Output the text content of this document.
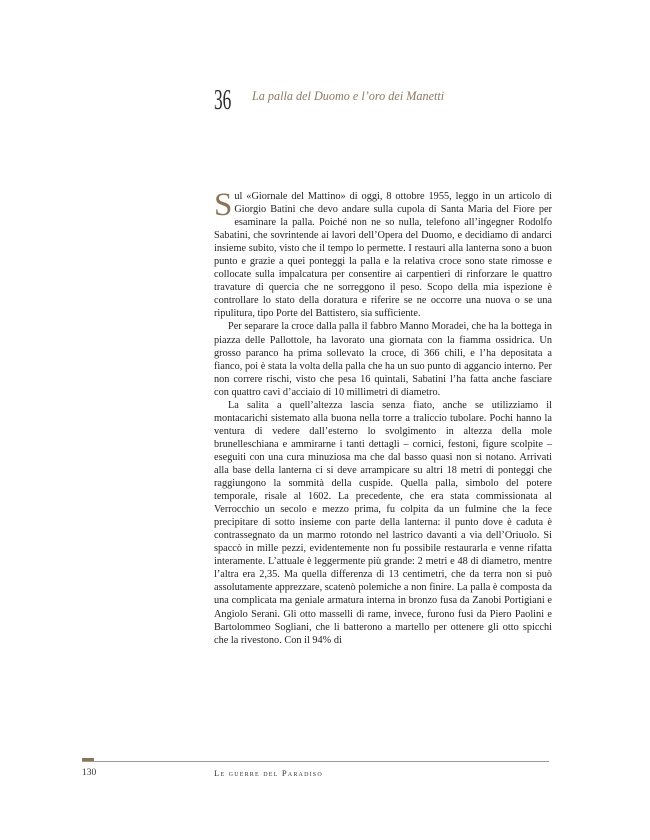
36 La palla del Duomo e l’oro dei Manetti

Sul «Giornale del Mattino» di oggi, 8 ottobre 1955, leggo in un articolo di Giorgio Batini che devo andare sulla cupola di Santa Maria del Fiore per esaminare la palla. Poiché non ne so nulla, telefono all’ingegner Rodolfo Sabatini, che sovrintende ai lavori dell’Opera del Duomo, e decidiamo di andarci insieme subito, visto che il tempo lo permette. I restauri alla lanterna sono a buon punto e grazie a quei ponteggi la palla e la relativa croce sono state rimosse e collocate sulla impalcatura per consentire ai carpentieri di rinforzare le quattro travature di quercia che ne sorreggono il peso. Scopo della mia ispezione è controllare lo stato della doratura e riferire se ne occorre una nuova o se una ripulitura, tipo Porte del Battistero, sia sufficiente.

Per separare la croce dalla palla il fabbro Manno Moradei, che ha la bottega in piazza delle Pallottole, ha lavorato una giornata con la fiamma ossidrica. Un grosso paranco ha prima sollevato la croce, di 366 chili, e l’ha depositata a fianco, poi è stata la volta della palla che ha un suo punto di aggancio interno. Per non correre rischi, visto che pesa 16 quintali, Sabatini l’ha fatta anche fasciare con quattro cavi d’acciaio di 10 millimetri di diametro.

La salita a quell’altezza lascia senza fiato, anche se utilizziamo il montacarichi sistemato alla buona nella torre a traliccio tubolare. Pochi hanno la ventura di vedere dall’esterno lo svolgimento in altezza della mole brunelleschiana e ammirarne i tanti dettagli – cornici, festoni, figure scolpite – eseguiti con una cura minuziosa ma che dal basso quasi non si notano. Arrivati alla base della lanterna ci si deve arrampicare su altri 18 metri di ponteggi che raggiungono la sommità della cuspide. Quella palla, simbolo del potere temporale, risale al 1602. La precedente, che era stata commissionata al Verrocchio un secolo e mezzo prima, fu colpita da un fulmine che la fece precipitare di sotto insieme con parte della lanterna: il punto dove è caduta è contrassegnato da un marmo rotondo nel lastrico davanti a via dell’Oriuolo. Si spaccò in mille pezzi, evidentemente non fu possibile restaurarla e venne rifatta interamente. L’attuale è leggermente più grande: 2 metri e 48 di diametro, mentre l’altra era 2,35. Ma quella differenza di 13 centimetri, che da terra non si può assolutamente apprezzare, scatenò polemiche a non finire. La palla è composta da una complicata ma geniale armatura interna in bronzo fusa da Zanobi Portigiani e Angiolo Serani. Gli otto masselli di rame, invece, furono fusi da Piero Paolini e Bartolommeo Sogliani, che li batterono a martello per ottenere gli otto spicchi che la rivestono. Con il 94% di

130	Le guerre del Paradiso
